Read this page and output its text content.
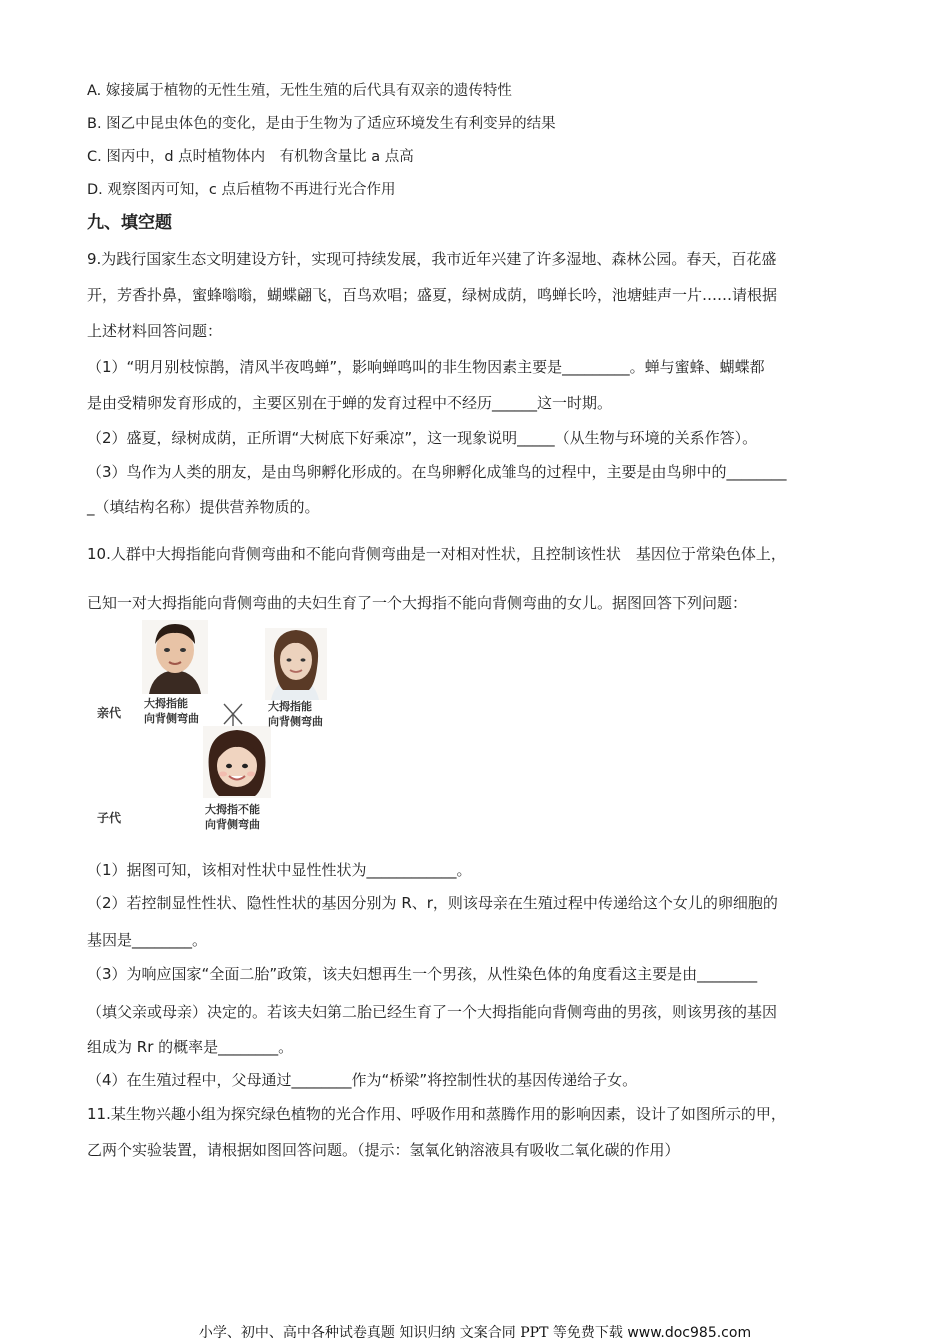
A. 嫁接属于植物的无性生殖，无性生殖的后代具有双亲的遗传特性
B. 图乙中昆虫体色的变化，是由于生物为了适应环境发生有利变异的结果
C. 图丙中，d 点时植物体内　有机物含量比 a 点高
D. 观察图丙可知，c 点后植物不再进行光合作用
九、填空题
9.为践行国家生态文明建设方针，实现可持续发展，我市近年兴建了许多湿地、森林公园。春天，百花盛
开，芳香扑鼻，蜜蜂嗡嗡，蝴蝶翩飞，百鸟欢唱；盛夏，绿树成荫，鸣蝉长吟，池塘蛙声一片……请根据
上述材料回答问题：
（1）“明月别枝惊鹊，清风半夜鸣蝉”，影响蝉鸣叫的非生物因素主要是_________。蝉与蜜蜂、蝴蝶都
是由受精卵发育形成的，主要区别在于蝉的发育过程中不经历______这一时期。
（2）盛夏，绿树成荫，正所谓“大树底下好乘凉”，这一现象说明_____（从生物与环境的关系作答）。
（3）鸟作为人类的朋友，是由鸟卵孵化形成的。在鸟卵孵化成雏鸟的过程中，主要是由鸟卵中的________
_（填结构名称）提供营养物质的。
10.人群中大拇指能向背侧弯曲和不能向背侧弯曲是一对相对性状，且控制该性状　基因位于常染色体上，
已知一对大拇指能向背侧弯曲的夫妇生育了一个大拇指不能向背侧弯曲的女儿。据图回答下列问题：
亲代
子代
大拇指能
向背侧弯曲
大拇指能
向背侧弯曲
大拇指不能
向背侧弯曲
（1）据图可知，该相对性状中显性性状为____________。
（2）若控制显性性状、隐性性状的基因分别为 R、r，则该母亲在生殖过程中传递给这个女儿的卵细胞的
基因是________。
（3）为响应国家“全面二胎”政策，该夫妇想再生一个男孩，从性染色体的角度看这主要是由________
（填父亲或母亲）决定的。若该夫妇第二胎已经生育了一个大拇指能向背侧弯曲的男孩，则该男孩的基因
组成为 Rr 的概率是________。
（4）在生殖过程中，父母通过________作为“桥梁”将控制性状的基因传递给子女。
11.某生物兴趣小组为探究绿色植物的光合作用、呼吸作用和蒸腾作用的影响因素，设计了如图所示的甲，
乙两个实验装置，请根据如图回答问题。（提示：氢氧化钠溶液具有吸收二氧化碳的作用）
小学、初中、高中各种试卷真题 知识归纳 文案合同 PPT 等免费下载 www.doc985.com
